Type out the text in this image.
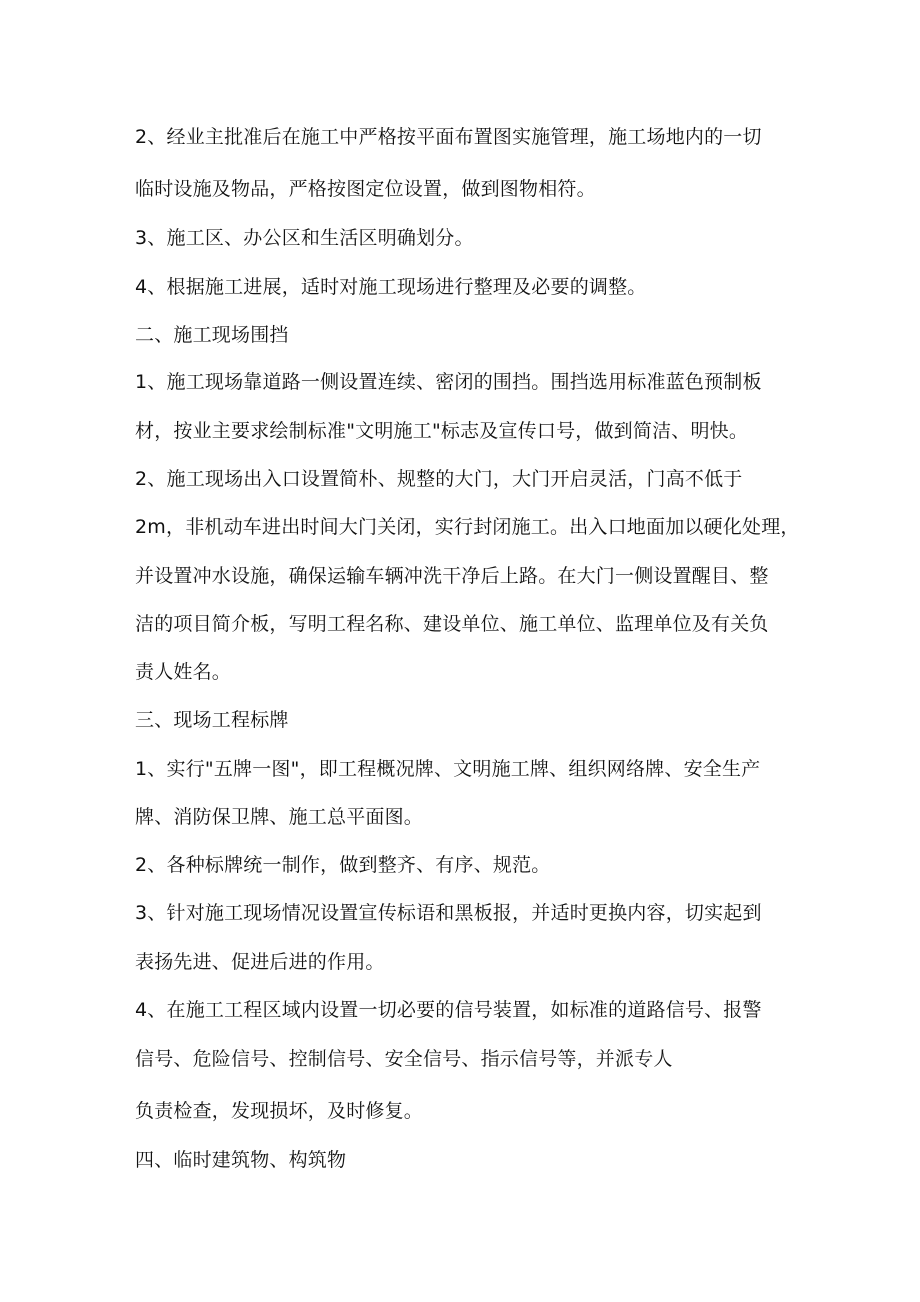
2、经业主批准后在施工中严格按平面布置图实施管理，施工场地内的一切
临时设施及物品，严格按图定位设置，做到图物相符。
3、施工区、办公区和生活区明确划分。
4、根据施工进展，适时对施工现场进行整理及必要的调整。
二、施工现场围挡
1、施工现场靠道路一侧设置连续、密闭的围挡。围挡选用标准蓝色预制板
材，按业主要求绘制标准"文明施工"标志及宣传口号，做到简洁、明快。
2、施工现场出入口设置简朴、规整的大门，大门开启灵活，门高不低于
2m，非机动车进出时间大门关闭，实行封闭施工。出入口地面加以硬化处理，
并设置冲水设施，确保运输车辆冲洗干净后上路。在大门一侧设置醒目、整
洁的项目简介板，写明工程名称、建设单位、施工单位、监理单位及有关负
责人姓名。
三、现场工程标牌
1、实行"五牌一图"，即工程概况牌、文明施工牌、组织网络牌、安全生产
牌、消防保卫牌、施工总平面图。
2、各种标牌统一制作，做到整齐、有序、规范。
3、针对施工现场情况设置宣传标语和黑板报，并适时更换内容，切实起到
表扬先进、促进后进的作用。
4、在施工工程区域内设置一切必要的信号装置，如标准的道路信号、报警
信号、危险信号、控制信号、安全信号、指示信号等，并派专人
负责检查，发现损坏，及时修复。
四、临时建筑物、构筑物
